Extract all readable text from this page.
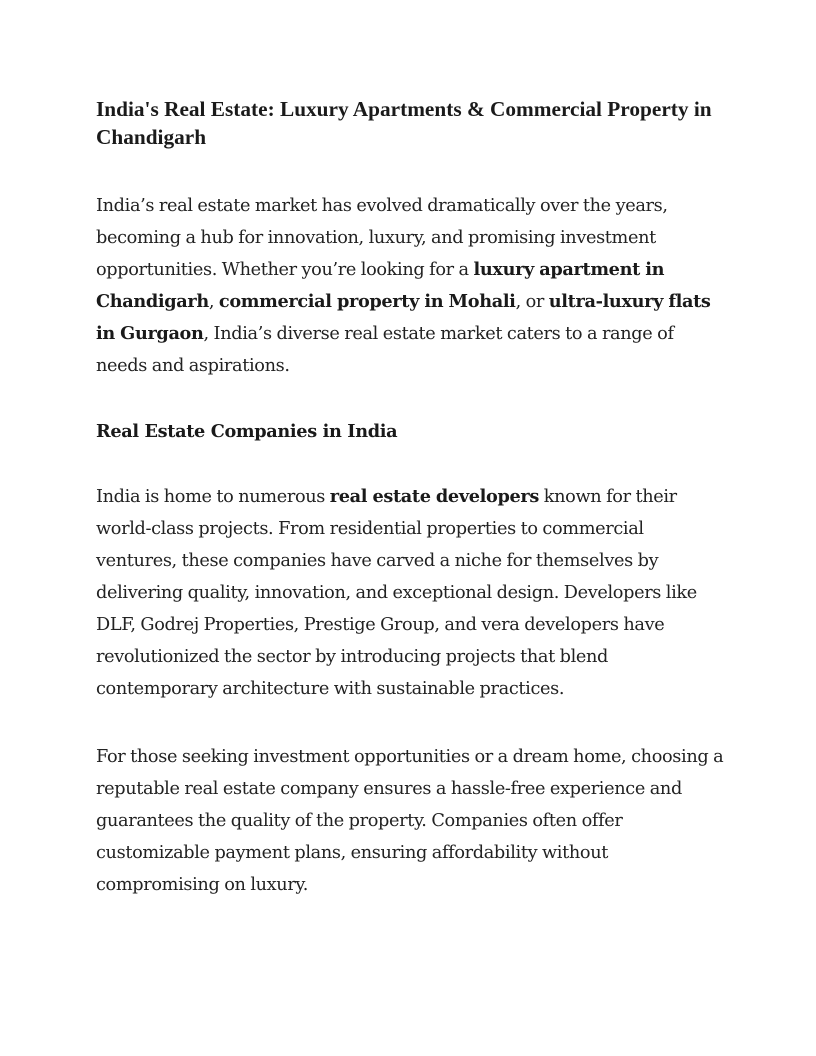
India's Real Estate: Luxury Apartments & Commercial Property in Chandigarh

India’s real estate market has evolved dramatically over the years, becoming a hub for innovation, luxury, and promising investment opportunities. Whether you’re looking for a luxury apartment in Chandigarh, commercial property in Mohali, or ultra-luxury flats in Gurgaon, India’s diverse real estate market caters to a range of needs and aspirations.

Real Estate Companies in India

India is home to numerous real estate developers known for their world-class projects. From residential properties to commercial ventures, these companies have carved a niche for themselves by delivering quality, innovation, and exceptional design. Developers like DLF, Godrej Properties, Prestige Group, and vera developers have revolutionized the sector by introducing projects that blend contemporary architecture with sustainable practices.

For those seeking investment opportunities or a dream home, choosing a reputable real estate company ensures a hassle-free experience and guarantees the quality of the property. Companies often offer customizable payment plans, ensuring affordability without compromising on luxury.
